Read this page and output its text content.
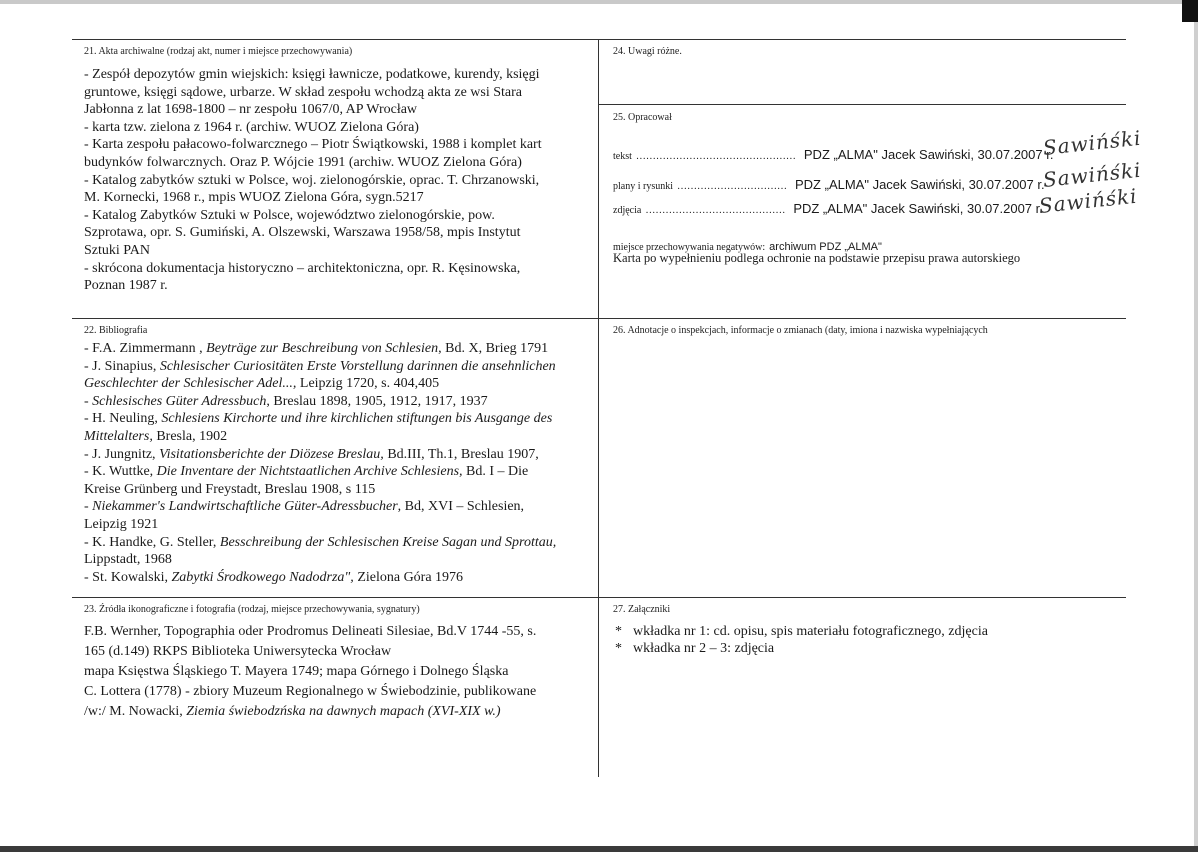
21. Akta archiwalne (rodzaj akt, numer i miejsce przechowywania)

- Zespół depozytów gmin wiejskich: księgi ławnicze, podatkowe, kurendy, księgi

gruntowe, księgi sądowe, urbarze. W skład zespołu wchodzą akta ze wsi Stara

Jabłonna z lat 1698-1800 – nr zespołu 1067/0, AP Wrocław

- karta tzw. zielona z 1964 r. (archiw. WUOZ Zielona Góra)

- Karta zespołu pałacowo-folwarcznego – Piotr Świątkowski, 1988 i komplet kart

budynków folwarcznych. Oraz P. Wójcie 1991 (archiw. WUOZ Zielona Góra)

- Katalog zabytków sztuki w Polsce, woj. zielonogórskie, oprac. T. Chrzanowski,

M. Kornecki, 1968 r., mpis WUOZ Zielona Góra, sygn.5217

- Katalog Zabytków Sztuki w Polsce, województwo zielonogórskie, pow.

Szprotawa, opr. S. Gumiński, A. Olszewski, Warszawa 1958/58, mpis Instytut

Sztuki PAN

- skrócona dokumentacja historyczno – architektoniczna, opr. R. Kęsinowska,

Poznan 1987 r.

22. Bibliografia

- F.A. Zimmermann , Beyträge zur Beschreibung von Schlesien, Bd. X, Brieg 1791

- J. Sinapius, Schlesischer Curiositäten Erste Vorstellung darinnen die ansehnlichen

Geschlechter der Schlesischer Adel..., Leipzig 1720, s. 404,405

- Schlesisches Güter Adressbuch, Breslau 1898, 1905, 1912, 1917, 1937

- H. Neuling, Schlesiens Kirchorte und ihre kirchlichen stiftungen bis Ausgange des

Mittelalters, Bresla, 1902

- J. Jungnitz, Visitationsberichte der Diözese Breslau, Bd.III, Th.1, Breslau 1907,

- K. Wuttke, Die Inventare der Nichtstaatlichen Archive Schlesiens, Bd. I – Die

Kreise Grünberg und Freystadt, Breslau 1908, s 115

- Niekammer's Landwirtschaftliche Güter-Adressbucher, Bd, XVI – Schlesien,

Leipzig 1921

- K. Handke, G. Steller, Besschreibung der Schlesischen Kreise Sagan und Sprottau,

Lippstadt, 1968

- St. Kowalski, Zabytki Środkowego Nadodrza", Zielona Góra 1976

23. Źródła ikonograficzne i fotografia (rodzaj, miejsce przechowywania, sygnatury)

F.B. Wernher, Topographia oder Prodromus Delineati Silesiae, Bd.V 1744 -55, s.

165 (d.149) RKPS Biblioteka Uniwersytecka Wrocław

mapa Księstwa Śląskiego T. Mayera 1749; mapa Górnego i Dolnego Śląska

C. Lottera (1778) - zbiory Muzeum Regionalnego w Świebodzinie, publikowane

/w:/ M. Nowacki, Ziemia świebodzńska na dawnych mapach (XVI-XIX w.)

24. Uwagi różne.
25. Opracował
tekst ………………………………………… PDZ „ALMA" Jacek Sawiński, 30.07.2007 r.
Sawińśki
plany i rysunki …………………………… PDZ „ALMA" Jacek Sawiński, 30.07.2007 r.
Sawińśki
zdjęcia …………………………………… PDZ „ALMA" Jacek Sawiński, 30.07.2007 r.
Sawińśki
miejsce przechowywania negatywów: archiwum PDZ „ALMA"
Karta po wypełnieniu podlega ochronie na podstawie przepisu prawa autorskiego
26. Adnotacje o inspekcjach, informacje o zmianach (daty, imiona i nazwiska wypełniających
27. Załączniki
* wkładka nr 1: cd. opisu, spis materiału fotograficznego, zdjęcia
* wkładka nr 2 – 3: zdjęcia
